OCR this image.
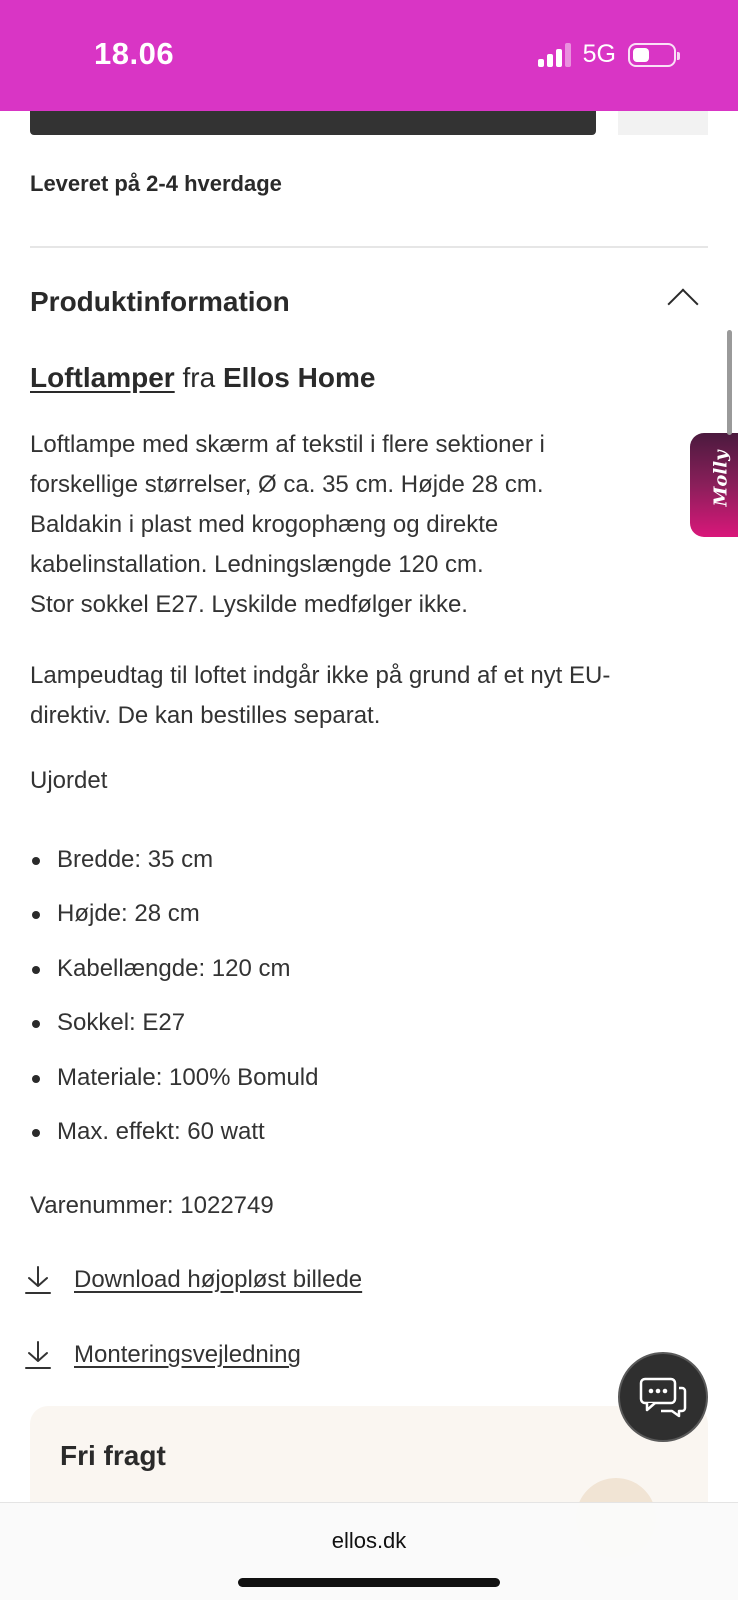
18.06	5G
Leveret på 2-4 hverdage
Produktinformation
Loftlamper fra Ellos Home

Loftlampe med skærm af tekstil i flere sektioner i

forskellige størrelser, Ø ca. 35 cm. Højde 28 cm.

Baldakin i plast med krogophæng og direkte

kabelinstallation. Ledningslængde 120 cm.

Stor sokkel E27. Lyskilde medfølger ikke.

Lampeudtag til loftet indgår ikke på grund af et nyt EU-

direktiv. De kan bestilles separat.

Ujordet
Bredde: 35 cm
Højde: 28 cm
Kabellængde: 120 cm
Sokkel: E27
Materiale: 100% Bomuld
Max. effekt: 60 watt
Varenummer: 1022749
Download højopløst billede
Monteringsvejledning
Molly
Fri fragt
ellos.dk
